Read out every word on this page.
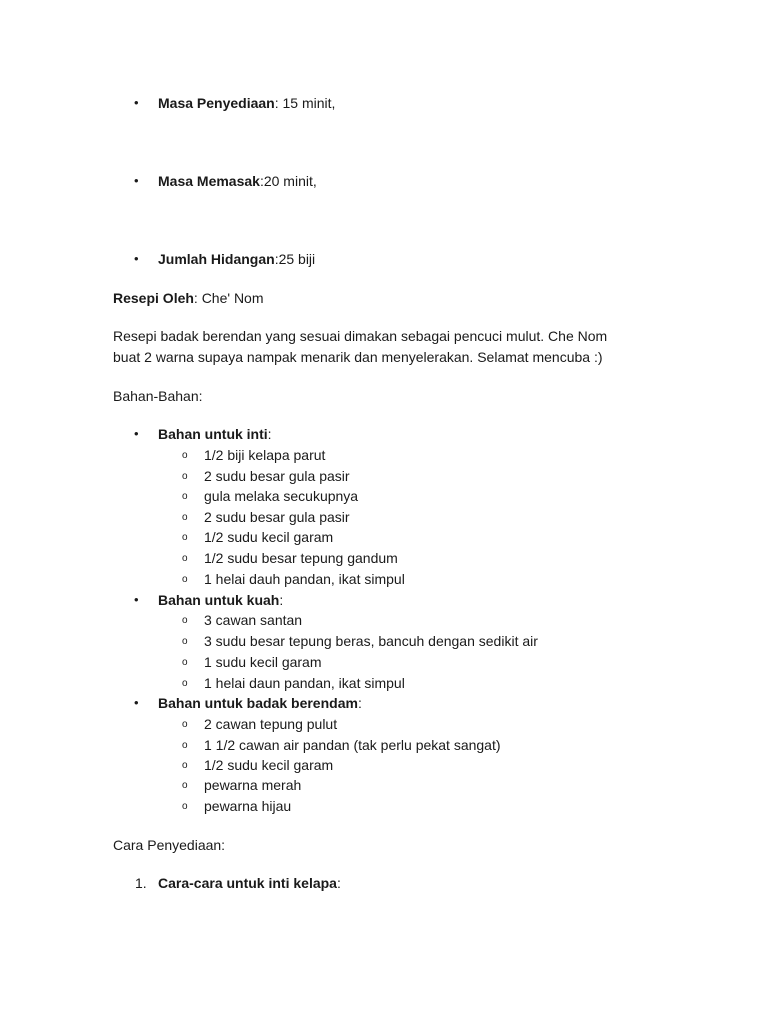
• Masa Penyediaan: 15 minit,
• Masa Memasak:20 minit,
• Jumlah Hidangan:25 biji
Resepi Oleh: Che' Nom
Resepi badak berendan yang sesuai dimakan sebagai pencuci mulut. Che Nom
buat 2 warna supaya nampak menarik dan menyelerakan. Selamat mencuba :)
Bahan-Bahan:
• Bahan untuk inti:
o 1/2 biji kelapa parut
o 2 sudu besar gula pasir
o gula melaka secukupnya
o 2 sudu besar gula pasir
o 1/2 sudu kecil garam
o 1/2 sudu besar tepung gandum
o 1 helai dauh pandan, ikat simpul
• Bahan untuk kuah:
o 3 cawan santan
o 3 sudu besar tepung beras, bancuh dengan sedikit air
o 1 sudu kecil garam
o 1 helai daun pandan, ikat simpul
• Bahan untuk badak berendam:
o 2 cawan tepung pulut
o 1 1/2 cawan air pandan (tak perlu pekat sangat)
o 1/2 sudu kecil garam
o pewarna merah
o pewarna hijau
Cara Penyediaan:
1. Cara-cara untuk inti kelapa:
